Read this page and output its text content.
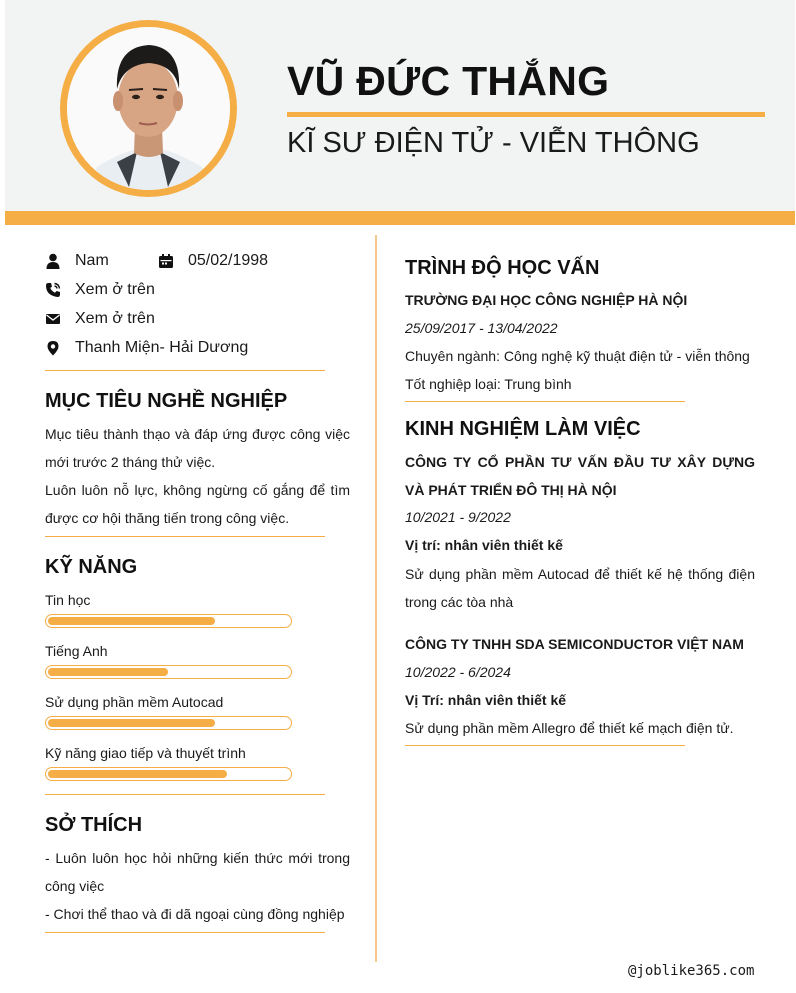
VŨ ĐỨC THẮNG
KĨ SƯ ĐIỆN TỬ - VIỄN THÔNG
Nam	05/02/1998
Xem ở trên
Xem ở trên
Thanh Miện- Hải Dương
MỤC TIÊU NGHỀ NGHIỆP
Mục tiêu thành thạo và đáp ứng được công việc mới trước 2 tháng thử việc.
Luôn luôn nỗ lực, không ngừng cố gắng để tìm được cơ hội thăng tiến trong công việc.
KỸ NĂNG
Tin học
Tiếng Anh
Sử dụng phần mềm Autocad
Kỹ năng giao tiếp và thuyết trình
SỞ THÍCH
- Luôn luôn học hỏi những kiến thức mới trong công việc
- Chơi thể thao và đi dã ngoại cùng đồng nghiệp
TRÌNH ĐỘ HỌC VẤN
TRƯỜNG ĐẠI HỌC CÔNG NGHIỆP HÀ NỘI
25/09/2017 - 13/04/2022
Chuyên ngành: Công nghệ kỹ thuật điện tử - viễn thông
Tốt nghiệp loại: Trung bình
KINH NGHIỆM LÀM VIỆC
CÔNG TY CỔ PHẦN TƯ VẤN ĐẦU TƯ XÂY DỰNG VÀ PHÁT TRIỂN ĐÔ THỊ HÀ NỘI
10/2021 - 9/2022
Vị trí: nhân viên thiết kế
Sử dụng phần mềm Autocad để thiết kế hệ thống điện trong các tòa nhà
CÔNG TY TNHH SDA SEMICONDUCTOR VIỆT NAM
10/2022 - 6/2024
Vị Trí: nhân viên thiết kế
Sử dụng phần mềm Allegro để thiết kế mạch điện tử.
@joblike365.com
